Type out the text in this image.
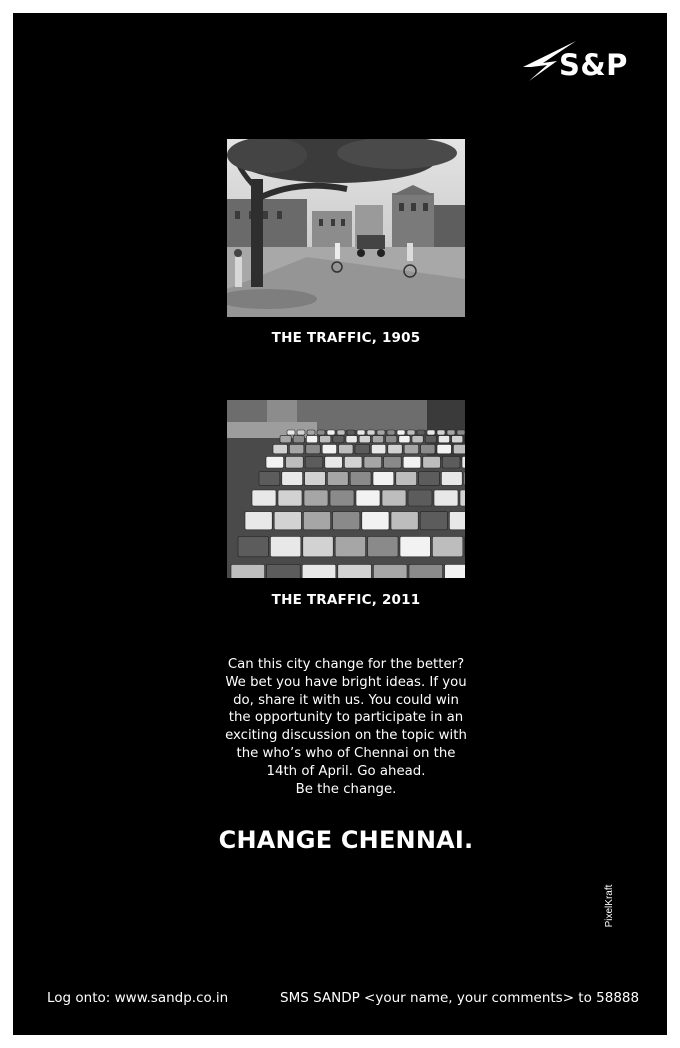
S&P
THE TRAFFIC, 1905
THE TRAFFIC, 2011
Can this city change for the better?
We bet you have bright ideas. If you
do, share it with us. You could win
the opportunity to participate in an
exciting discussion on the topic with
the who’s who of Chennai on the
14th of April. Go ahead.
Be the change.
CHANGE CHENNAI.
PixelKraft
Log onto: www.sandp.co.in	SMS SANDP <your name, your comments> to 58888
